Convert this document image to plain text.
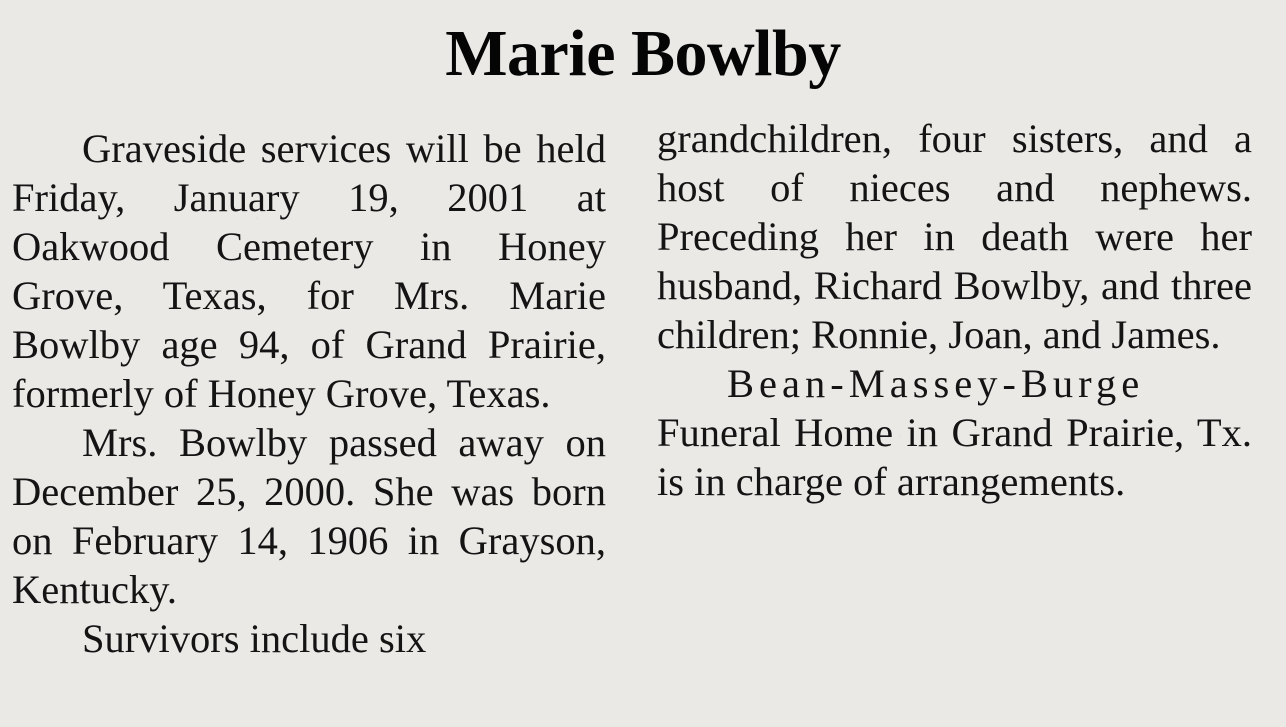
Marie Bowlby

Graveside services will be held Friday, January 19, 2001 at Oakwood Cemetery in Honey Grove, Texas, for Mrs. Marie Bowlby age 94, of Grand Prairie, formerly of Honey Grove, Texas.

Mrs. Bowlby passed away on December 25, 2000. She was born on February 14, 1906 in Grayson, Kentucky.

Survivors include six

grandchildren, four sisters, and a host of nieces and nephews. Preceding her in death were her husband, Richard Bowlby, and three children; Ronnie, Joan, and James.

Bean-Massey-Burge

Funeral Home in Grand Prairie, Tx. is in charge of arrangements.
